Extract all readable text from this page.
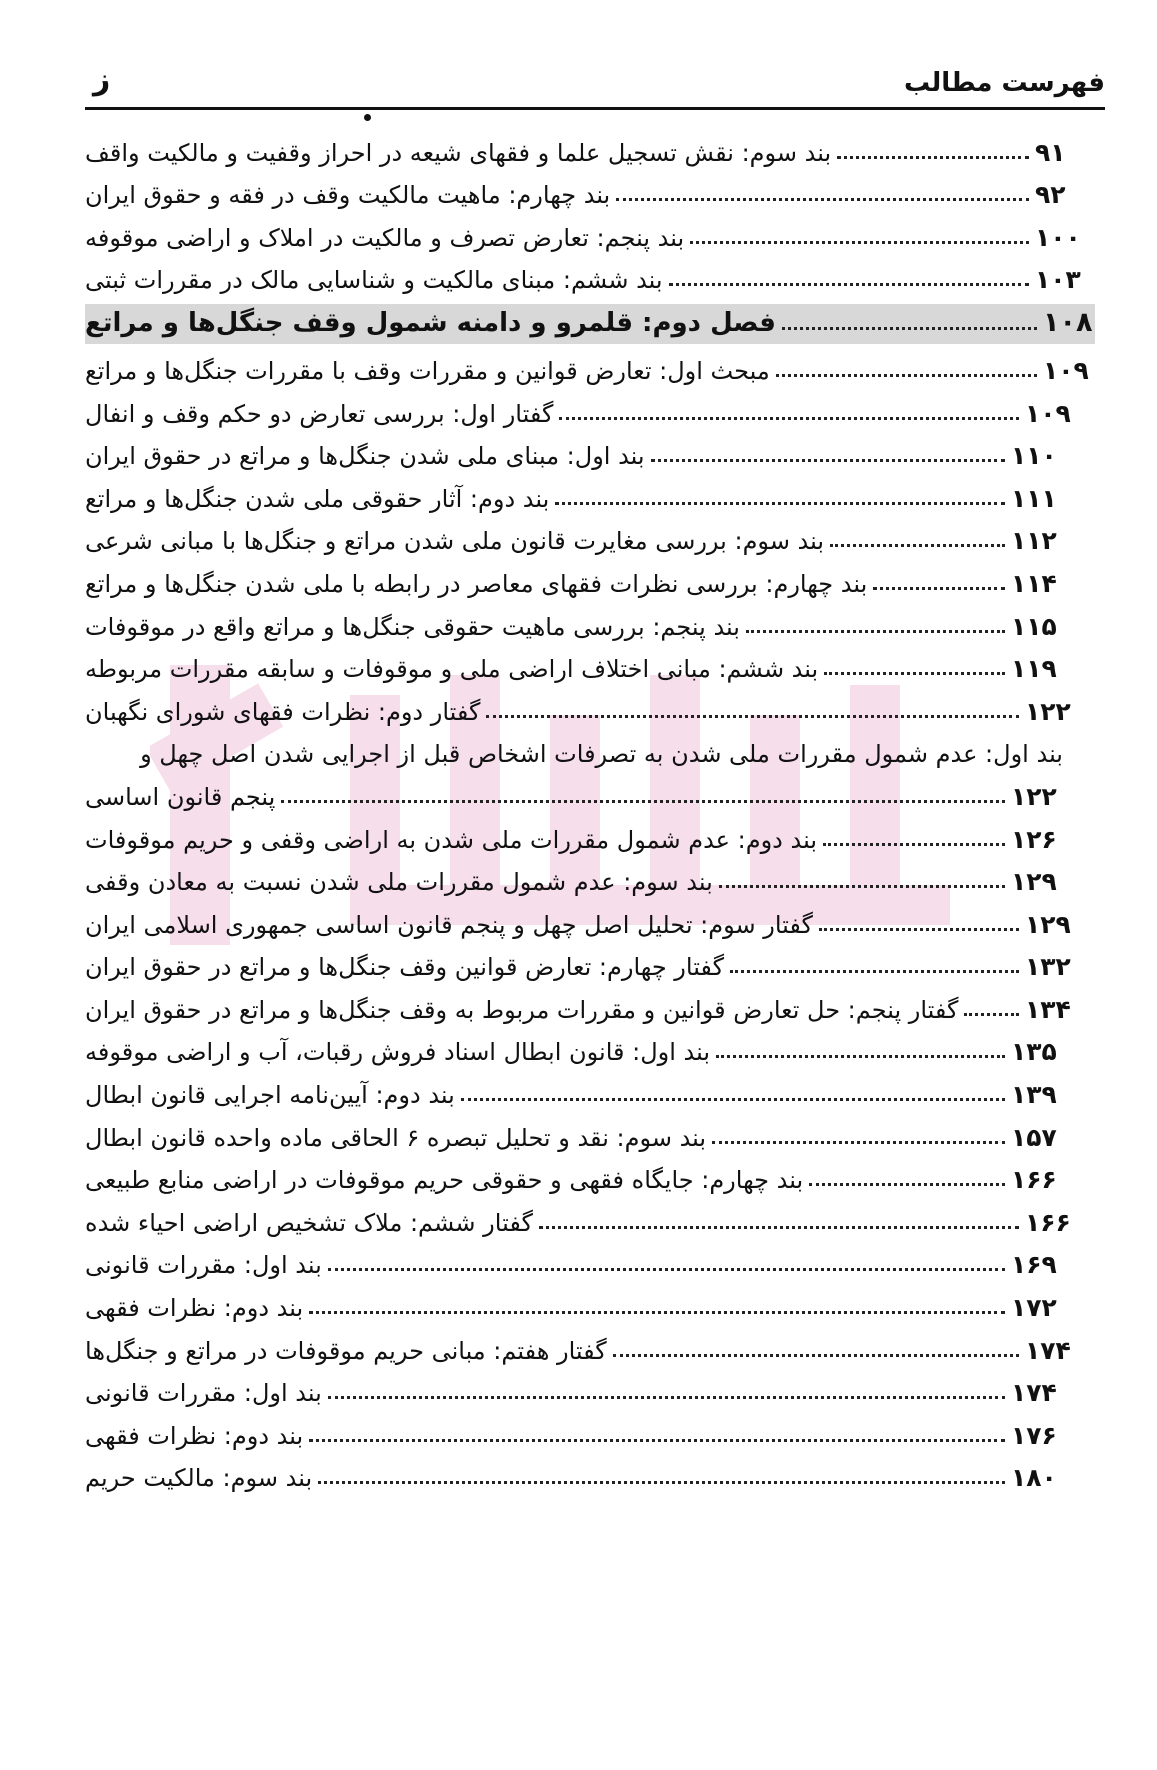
فهرست مطالب
ز
بند سوم: نقش تسجیل علما و فقهای شیعه در احراز وقفیت و مالکیت واقف	۹۱
بند چهارم: ماهیت مالکیت وقف در فقه و حقوق ایران	۹۲
بند پنجم: تعارض تصرف و مالکیت در املاک و اراضی موقوفه	۱۰۰
بند ششم: مبنای مالکیت و شناسایی مالک در مقررات ثبتی	۱۰۳
فصل دوم: قلمرو و دامنه شمول وقف جنگل‌ها و مراتع	۱۰۸
مبحث اول: تعارض قوانین و مقررات وقف با مقررات جنگل‌ها و مراتع	۱۰۹
گفتار اول: بررسی تعارض دو حکم وقف و انفال	۱۰۹
بند اول: مبنای ملی شدن جنگل‌ها و مراتع در حقوق ایران	۱۱۰
بند دوم: آثار حقوقی ملی شدن جنگل‌ها و مراتع	۱۱۱
بند سوم: بررسی مغایرت قانون ملی شدن مراتع و جنگل‌ها با مبانی شرعی	۱۱۲
بند چهارم: بررسی نظرات فقهای معاصر در رابطه با ملی شدن جنگل‌ها و مراتع	۱۱۴
بند پنجم: بررسی ماهیت حقوقی جنگل‌ها و مراتع واقع در موقوفات	۱۱۵
بند ششم: مبانی اختلاف اراضی ملی و موقوفات و سابقه مقررات مربوطه	۱۱۹
گفتار دوم: نظرات فقهای شورای نگهبان	۱۲۲
بند اول: عدم شمول مقررات ملی شدن به تصرفات اشخاص قبل از اجرایی شدن اصل چهل و
پنجم قانون اساسی	۱۲۲
بند دوم: عدم شمول مقررات ملی شدن به اراضی وقفی و حریم موقوفات	۱۲۶
بند سوم: عدم شمول مقررات ملی شدن نسبت به معادن وقفی	۱۲۹
گفتار سوم: تحلیل اصل چهل و پنجم قانون اساسی جمهوری اسلامی ایران	۱۲۹
گفتار چهارم: تعارض قوانین وقف جنگل‌ها و مراتع در حقوق ایران	۱۳۲
گفتار پنجم: حل تعارض قوانین و مقررات مربوط به وقف جنگل‌ها و مراتع در حقوق ایران	۱۳۴
بند اول: قانون ابطال اسناد فروش رقبات، آب و اراضی موقوفه	۱۳۵
بند دوم: آیین‌نامه اجرایی قانون ابطال	۱۳۹
بند سوم: نقد و تحلیل تبصره ۶ الحاقی ماده واحده قانون ابطال	۱۵۷
بند چهارم: جایگاه فقهی و حقوقی حریم موقوفات در اراضی منابع طبیعی	۱۶۶
گفتار ششم: ملاک تشخیص اراضی احیاء شده	۱۶۶
بند اول: مقررات قانونی	۱۶۹
بند دوم: نظرات فقهی	۱۷۲
گفتار هفتم: مبانی حریم موقوفات در مراتع و جنگل‌ها	۱۷۴
بند اول: مقررات قانونی	۱۷۴
بند دوم: نظرات فقهی	۱۷۶
بند سوم: مالکیت حریم	۱۸۰
